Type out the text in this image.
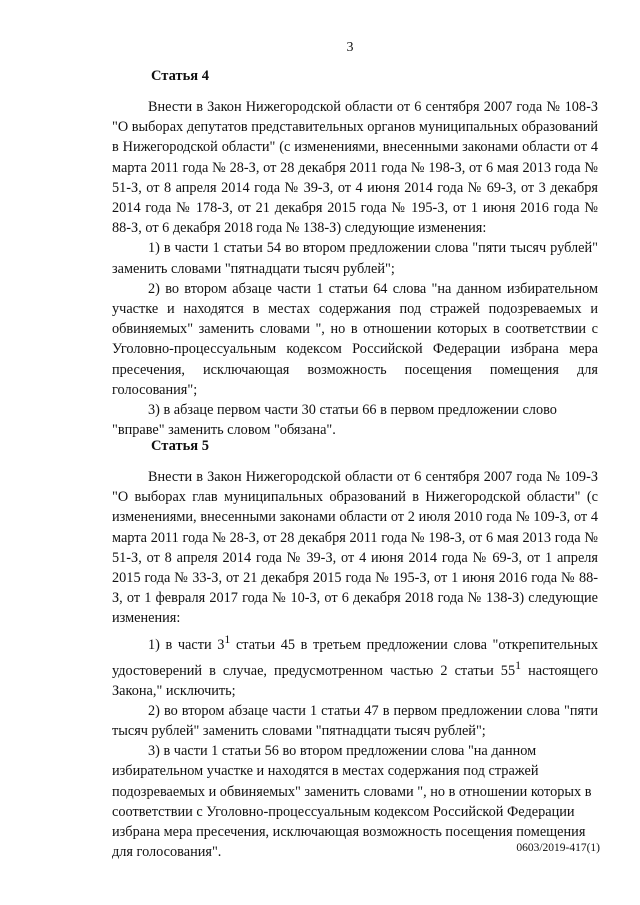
3
Статья 4

Внести в Закон Нижегородской области от 6 сентября 2007 года № 108-З "О выборах депутатов представительных органов муниципальных образований в Нижегородской области" (с изменениями, внесенными законами области от 4 марта 2011 года № 28-З, от 28 декабря 2011 года № 198-З, от 6 мая 2013 года № 51-З, от 8 апреля 2014 года № 39-З, от 4 июня 2014 года № 69-З, от 3 декабря 2014 года № 178-З, от 21 декабря 2015 года № 195-З, от 1 июня 2016 года № 88-З, от 6 декабря 2018 года № 138-З) следующие изменения:

1) в части 1 статьи 54 во втором предложении слова "пяти тысяч рублей" заменить словами "пятнадцати тысяч рублей";

2) во втором абзаце части 1 статьи 64 слова "на данном избирательном участке и находятся в местах содержания под стражей подозреваемых и обвиняемых" заменить словами ", но в отношении которых в соответствии с Уголовно-процессуальным кодексом Российской Федерации избрана мера пресечения, исключающая возможность посещения помещения для голосования";

3) в абзаце первом части 30 статьи 66 в первом предложении слово "вправе" заменить словом "обязана".

Статья 5

Внести в Закон Нижегородской области от 6 сентября 2007 года № 109-З "О выборах глав муниципальных образований в Нижегородской области" (с изменениями, внесенными законами области от 2 июля 2010 года № 109-З, от 4 марта 2011 года № 28-З, от 28 декабря 2011 года № 198-З, от 6 мая 2013 года № 51-З, от 8 апреля 2014 года № 39-З, от 4 июня 2014 года № 69-З, от 1 апреля 2015 года № 33-З, от 21 декабря 2015 года № 195-З, от 1 июня 2016 года № 88-З, от 1 февраля 2017 года № 10-З, от 6 декабря 2018 года № 138-З) следующие изменения:

1) в части $3^1$ статьи 45 в третьем предложении слова "открепительных удостоверений в случае, предусмотренном частью 2 статьи $55^1$ настоящего Закона," исключить;

2) во втором абзаце части 1 статьи 47 в первом предложении слова "пяти тысяч рублей" заменить словами "пятнадцати тысяч рублей";

3) в части 1 статьи 56 во втором предложении слова "на данном избирательном участке и находятся в местах содержания под стражей подозреваемых и обвиняемых" заменить словами ", но в отношении которых в соответствии с Уголовно-процессуальным кодексом Российской Федерации избрана мера пресечения, исключающая возможность посещения помещения для голосования".	0603/2019-417(1)
